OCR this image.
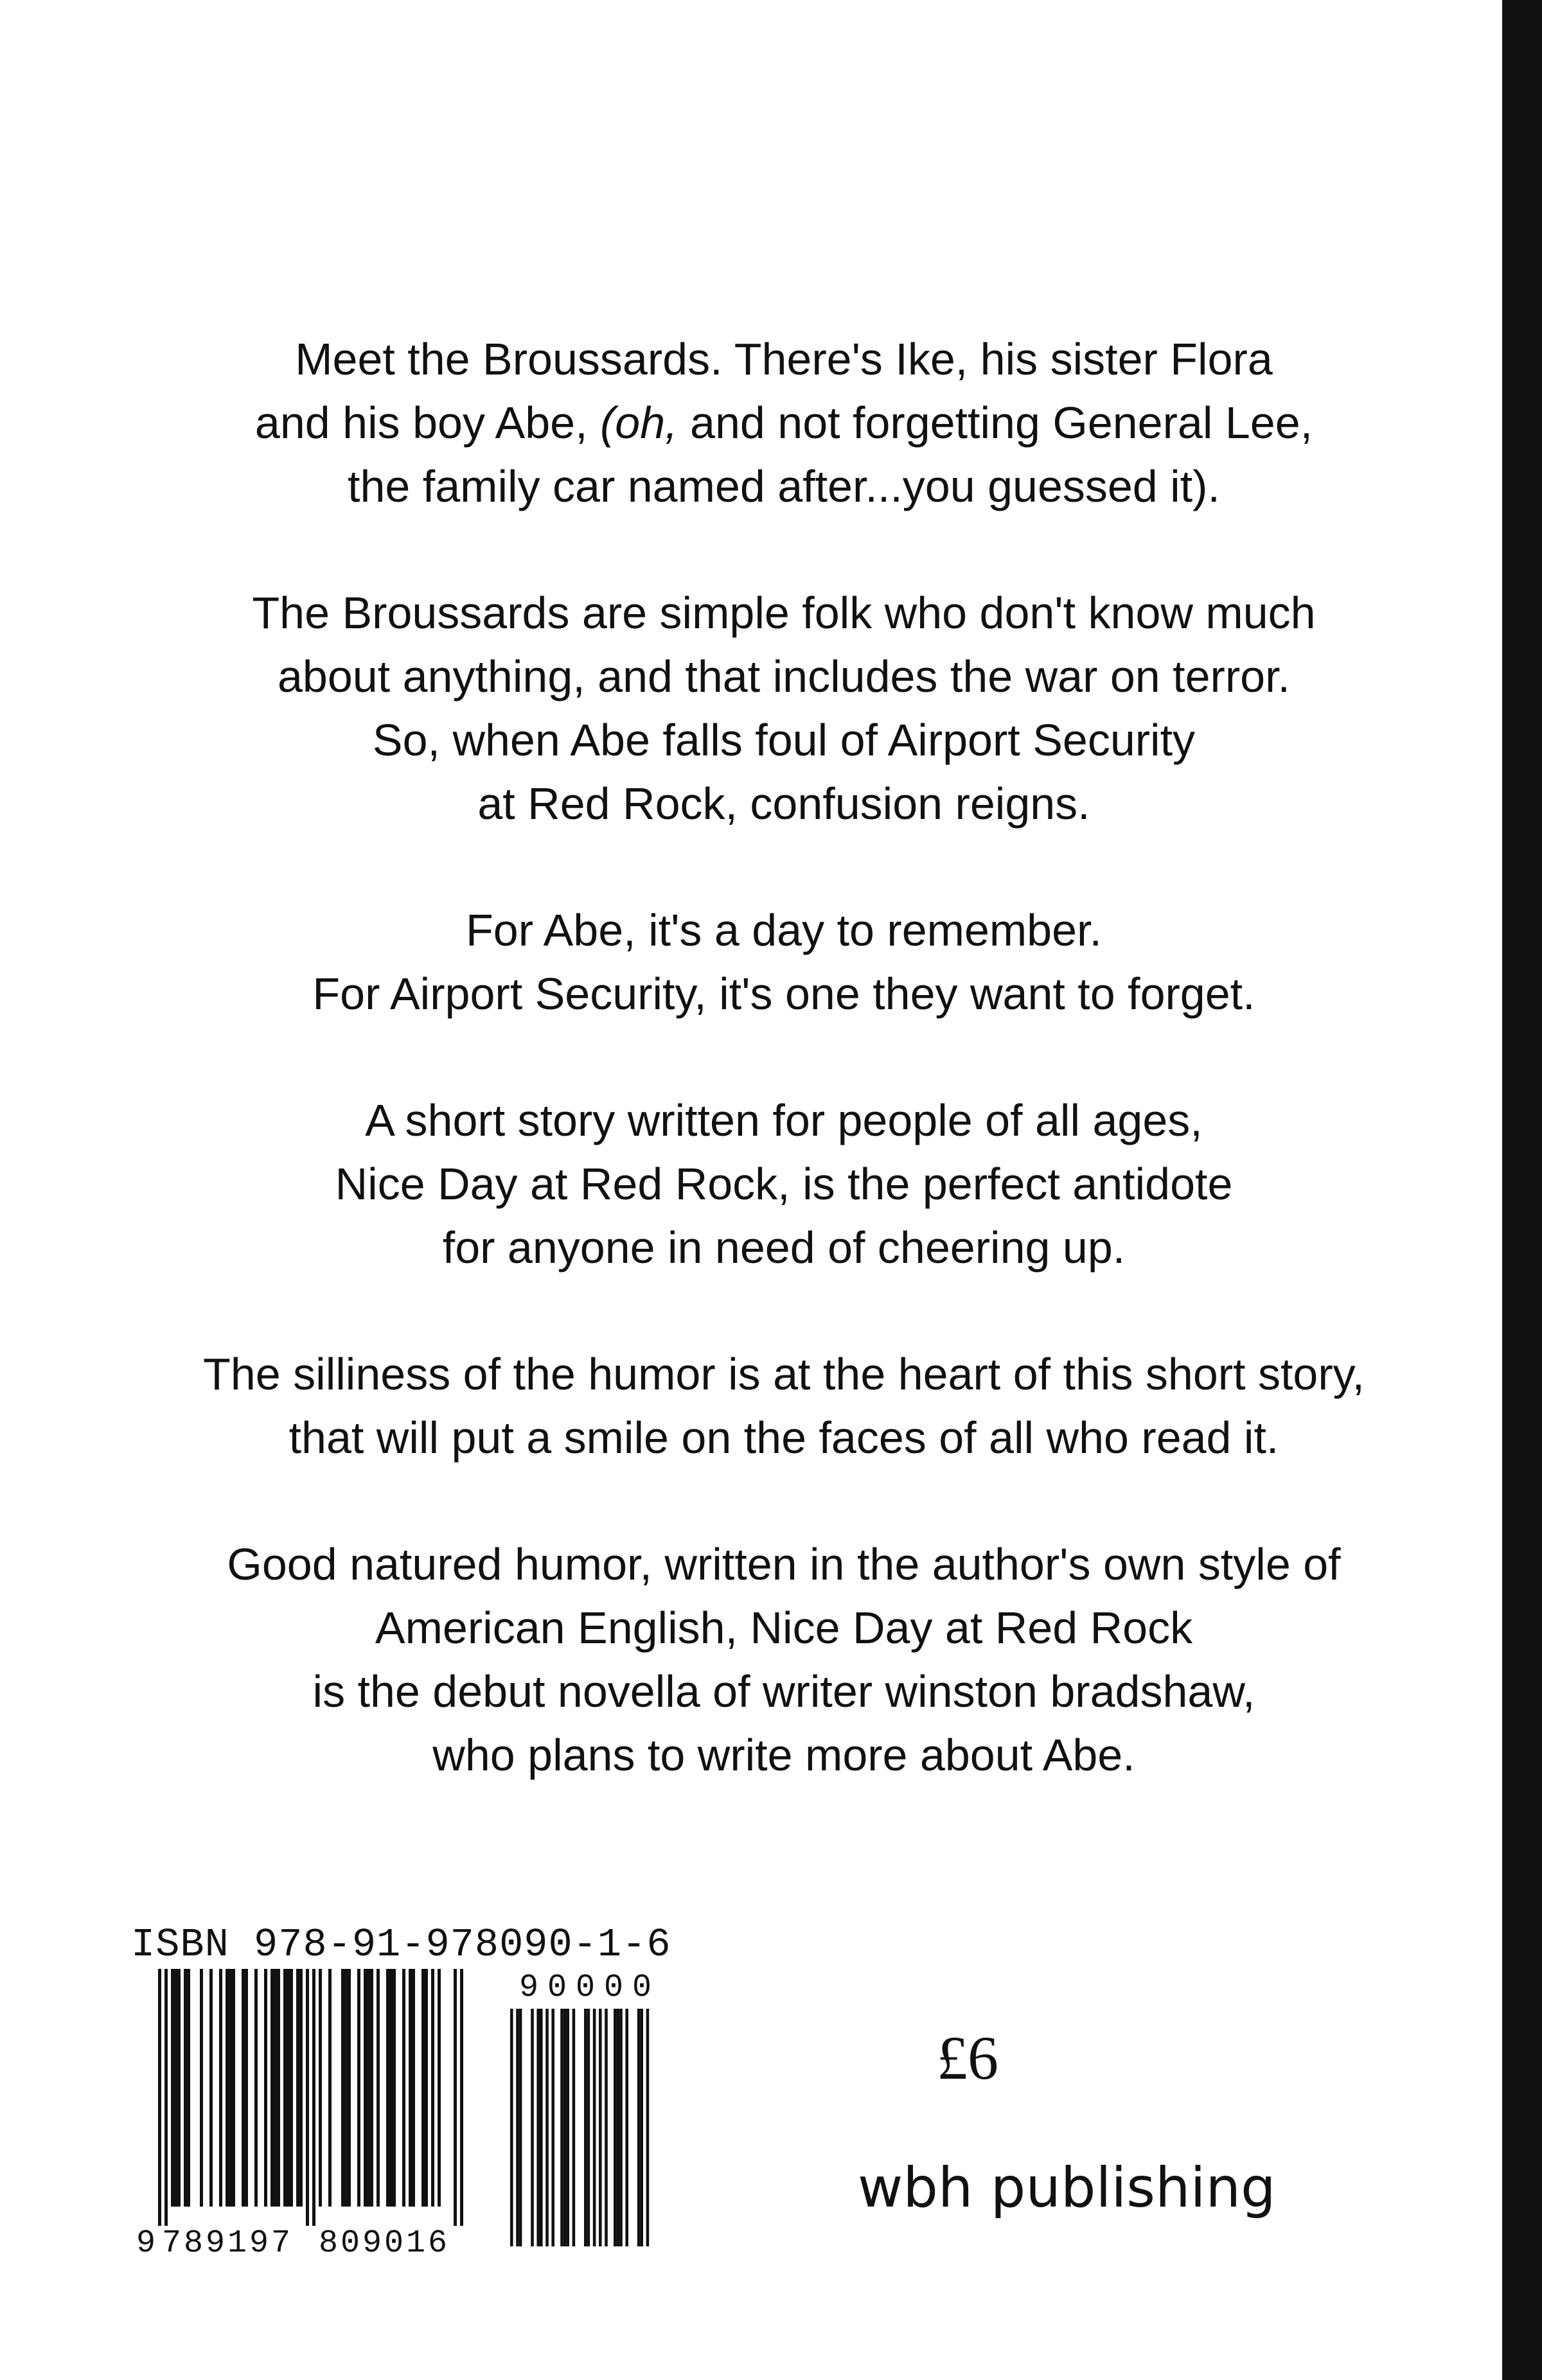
Meet the Broussards. There's Ike, his sister Flora
and his boy Abe, (oh, and not forgetting General Lee,
the family car named after...you guessed it).

The Broussards are simple folk who don't know much
about anything, and that includes the war on terror.
So, when Abe falls foul of Airport Security
at Red Rock, confusion reigns.

For Abe, it's a day to remember.
For Airport Security, it's one they want to forget.

A short story written for people of all ages,
Nice Day at Red Rock, is the perfect antidote
for anyone in need of cheering up.

The silliness of the humor is at the heart of this short story,
that will put a smile on the faces of all who read it.

Good natured humor, written in the author's own style of
American English, Nice Day at Red Rock
is the debut novella of writer winston bradshaw,
who plans to write more about Abe.

ISBN 978-91-978090-1-6
9 789197 809016
90000
£6
wbh publishing
